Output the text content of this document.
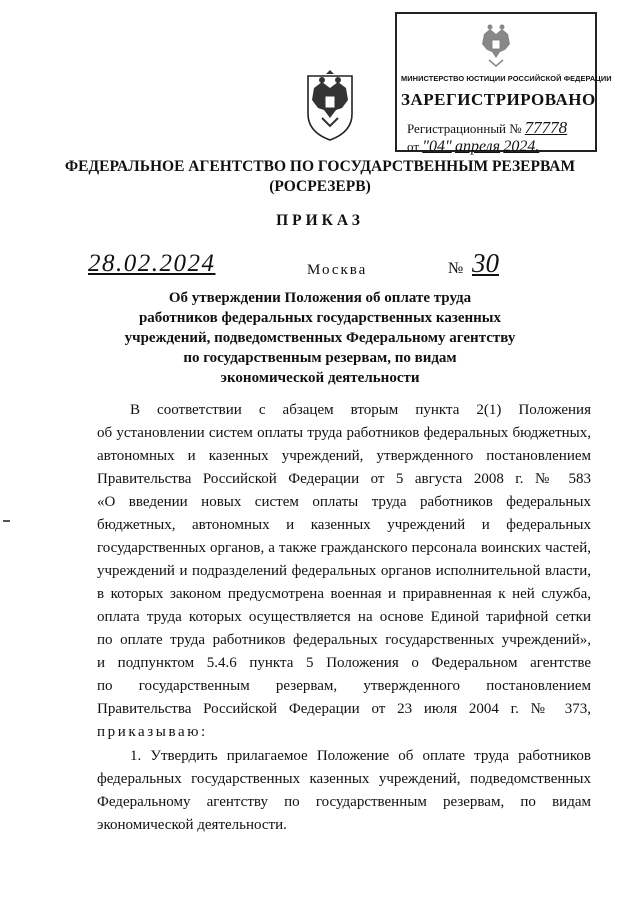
МИНИСТЕРСТВО ЮСТИЦИИ РОССИЙСКОЙ ФЕДЕРАЦИИ
ЗАРЕГИСТРИРОВАНО
Регистрационный № 77778
от "04" апреля 2024.
ФЕДЕРАЛЬНОЕ АГЕНТСТВО ПО ГОСУДАРСТВЕННЫМ РЕЗЕРВАМ
(РОСРЕЗЕРВ)
ПРИКАЗ
28.02.2024	Москва	№ 30
Об утверждении Положения об оплате труда
работников федеральных государственных казенных
учреждений, подведомственных Федеральному агентству
по государственным резервам, по видам
экономической деятельности
В соответствии с абзацем вторым пункта 2(1) Положения
об установлении систем оплаты труда работников федеральных бюджетных,
автономных и казенных учреждений, утвержденного постановлением
Правительства Российской Федерации от 5 августа 2008 г. № 583
«О введении новых систем оплаты труда работников федеральных
бюджетных, автономных и казенных учреждений и федеральных
государственных органов, а также гражданского персонала воинских частей,
учреждений и подразделений федеральных органов исполнительной власти,
в которых законом предусмотрена военная и приравненная к ней служба,
оплата труда которых осуществляется на основе Единой тарифной сетки
по оплате труда работников федеральных государственных учреждений»,
и подпунктом 5.4.6 пункта 5 Положения о Федеральном агентстве
по государственным резервам, утвержденного постановлением
Правительства Российской Федерации от 23 июля 2004 г. № 373,
приказываю:
1. Утвердить прилагаемое Положение об оплате труда работников
федеральных государственных казенных учреждений, подведомственных
Федеральному агентству по государственным резервам, по видам
экономической деятельности.
